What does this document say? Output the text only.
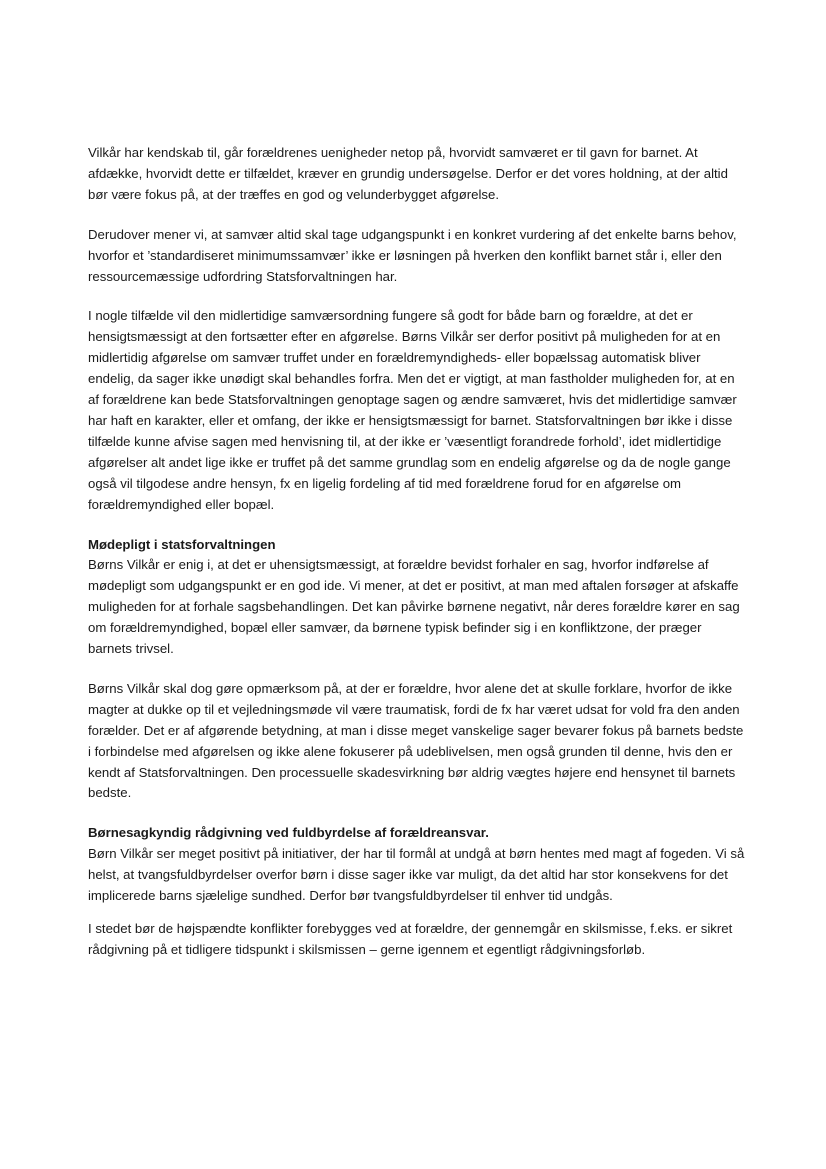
Vilkår har kendskab til, går forældrenes uenigheder netop på, hvorvidt samværet er til gavn for barnet. At afdække, hvorvidt dette er tilfældet, kræver en grundig undersøgelse. Derfor er det vores holdning, at der altid bør være fokus på, at der træffes en god og velunderbygget afgørelse.

Derudover mener vi, at samvær altid skal tage udgangspunkt i en konkret vurdering af det enkelte barns behov, hvorfor et ’standardiseret minimumssamvær’ ikke er løsningen på hverken den konflikt barnet står i, eller den ressourcemæssige udfordring Statsforvaltningen har.

I nogle tilfælde vil den midlertidige samværsordning fungere så godt for både barn og forældre, at det er hensigtsmæssigt at den fortsætter efter en afgørelse. Børns Vilkår ser derfor positivt på muligheden for at en midlertidig afgørelse om samvær truffet under en forældremyndigheds- eller bopælssag automatisk bliver endelig, da sager ikke unødigt skal behandles forfra. Men det er vigtigt, at man fastholder muligheden for, at en af forældrene kan bede Statsforvaltningen genoptage sagen og ændre samværet, hvis det midlertidige samvær har haft en karakter, eller et omfang, der ikke er hensigtsmæssigt for barnet. Statsforvaltningen bør ikke i disse tilfælde kunne afvise sagen med henvisning til, at der ikke er ’væsentligt forandrede forhold’, idet midlertidige afgørelser alt andet lige ikke er truffet på det samme grundlag som en endelig afgørelse og da de nogle gange også vil tilgodese andre hensyn, fx en ligelig fordeling af tid med forældrene forud for en afgørelse om forældremyndighed eller bopæl.

Mødepligt i statsforvaltningen

Børns Vilkår er enig i, at det er uhensigtsmæssigt, at forældre bevidst forhaler en sag, hvorfor indførelse af mødepligt som udgangspunkt er en god ide. Vi mener, at det er positivt, at man med aftalen forsøger at afskaffe muligheden for at forhale sagsbehandlingen. Det kan påvirke børnene negativt, når deres forældre kører en sag om forældremyndighed, bopæl eller samvær, da børnene typisk befinder sig i en konfliktzone, der præger barnets trivsel.

Børns Vilkår skal dog gøre opmærksom på, at der er forældre, hvor alene det at skulle forklare, hvorfor de ikke magter at dukke op til et vejledningsmøde vil være traumatisk, fordi de fx har været udsat for vold fra den anden forælder. Det er af afgørende betydning, at man i disse meget vanskelige sager bevarer fokus på barnets bedste i forbindelse med afgørelsen og ikke alene fokuserer på udeblivelsen, men også grunden til denne, hvis den er kendt af Statsforvaltningen. Den processuelle skadesvirkning bør aldrig vægtes højere end hensynet til barnets bedste.

Børnesagkyndig rådgivning ved fuldbyrdelse af forældreansvar.

Børn Vilkår ser meget positivt på initiativer, der har til formål at undgå at børn hentes med magt af fogeden. Vi så helst, at tvangsfuldbyrdelser overfor børn i disse sager ikke var muligt, da det altid har stor konsekvens for det implicerede barns sjælelige sundhed. Derfor bør tvangsfuldbyrdelser til enhver tid undgås.

I stedet bør de højspændte konflikter forebygges ved at forældre, der gennemgår en skilsmisse, f.eks. er sikret rådgivning på et tidligere tidspunkt i skilsmissen – gerne igennem et egentligt rådgivningsforløb.
